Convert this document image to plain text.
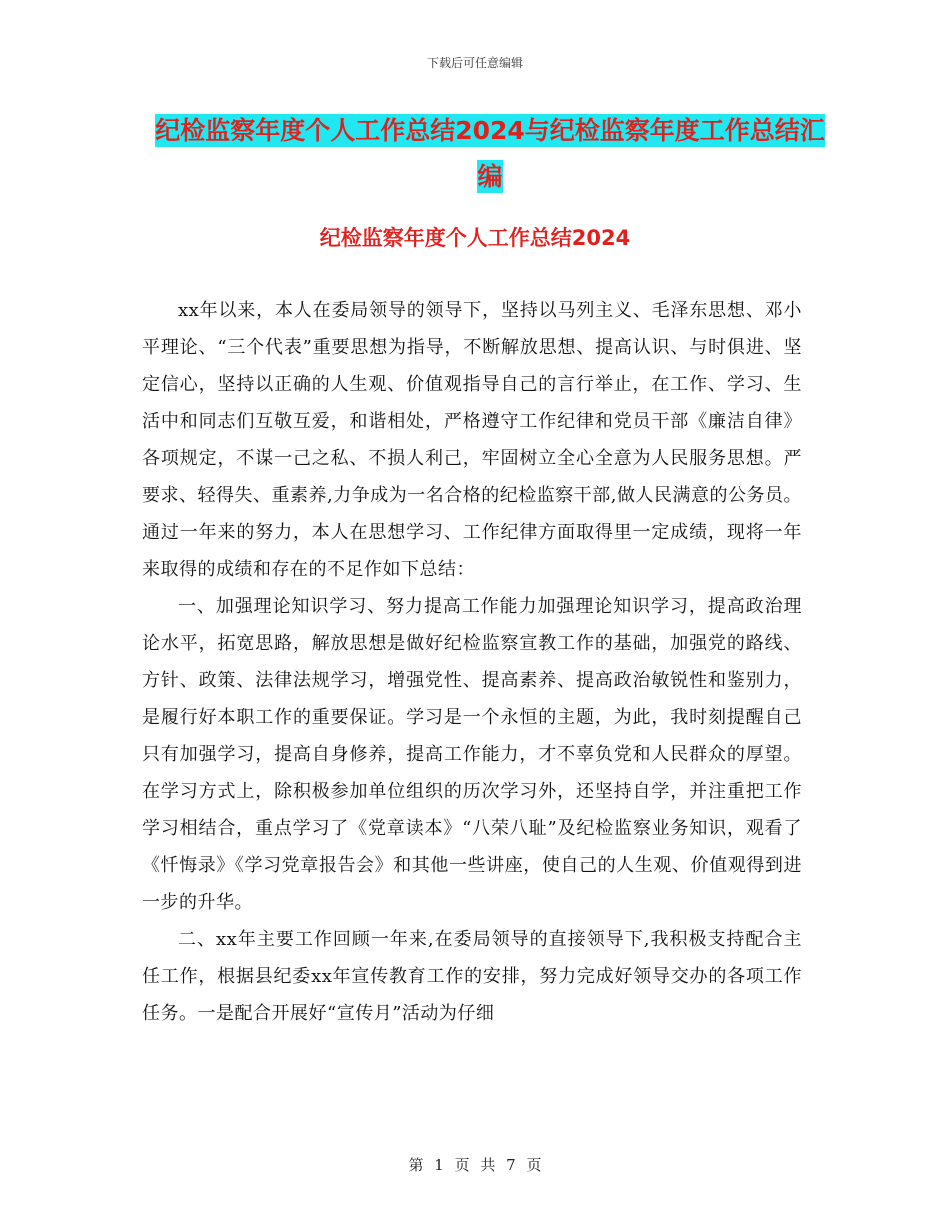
下载后可任意编辑
纪检监察年度个人工作总结2024与纪检监察年度工作总结汇编
纪检监察年度个人工作总结2024

xx年以来，本人在委局领导的领导下，坚持以马列主义、毛泽东思想、邓小平理论、“三个代表”重要思想为指导，不断解放思想、提高认识、与时俱进、坚定信心，坚持以正确的人生观、价值观指导自己的言行举止，在工作、学习、生活中和同志们互敬互爱，和谐相处，严格遵守工作纪律和党员干部《廉洁自律》各项规定，不谋一己之私、不损人利己，牢固树立全心全意为人民服务思想。严要求、轻得失、重素养,力争成为一名合格的纪检监察干部,做人民满意的公务员。通过一年来的努力，本人在思想学习、工作纪律方面取得里一定成绩，现将一年来取得的成绩和存在的不足作如下总结：

一、加强理论知识学习、努力提高工作能力加强理论知识学习，提高政治理论水平，拓宽思路，解放思想是做好纪检监察宣教工作的基础，加强党的路线、方针、政策、法律法规学习，增强党性、提高素养、提高政治敏锐性和鉴别力，是履行好本职工作的重要保证。学习是一个永恒的主题，为此，我时刻提醒自己只有加强学习，提高自身修养，提高工作能力，才不辜负党和人民群众的厚望。在学习方式上，除积极参加单位组织的历次学习外，还坚持自学，并注重把工作学习相结合，重点学习了《党章读本》“八荣八耻”及纪检监察业务知识，观看了《忏悔录》《学习党章报告会》和其他一些讲座，使自己的人生观、价值观得到进一步的升华。

二、xx年主要工作回顾一年来,在委局领导的直接领导下,我积极支持配合主任工作，根据县纪委xx年宣传教育工作的安排，努力完成好领导交办的各项工作任务。一是配合开展好“宣传月”活动为仔细

第 1 页 共 7 页
